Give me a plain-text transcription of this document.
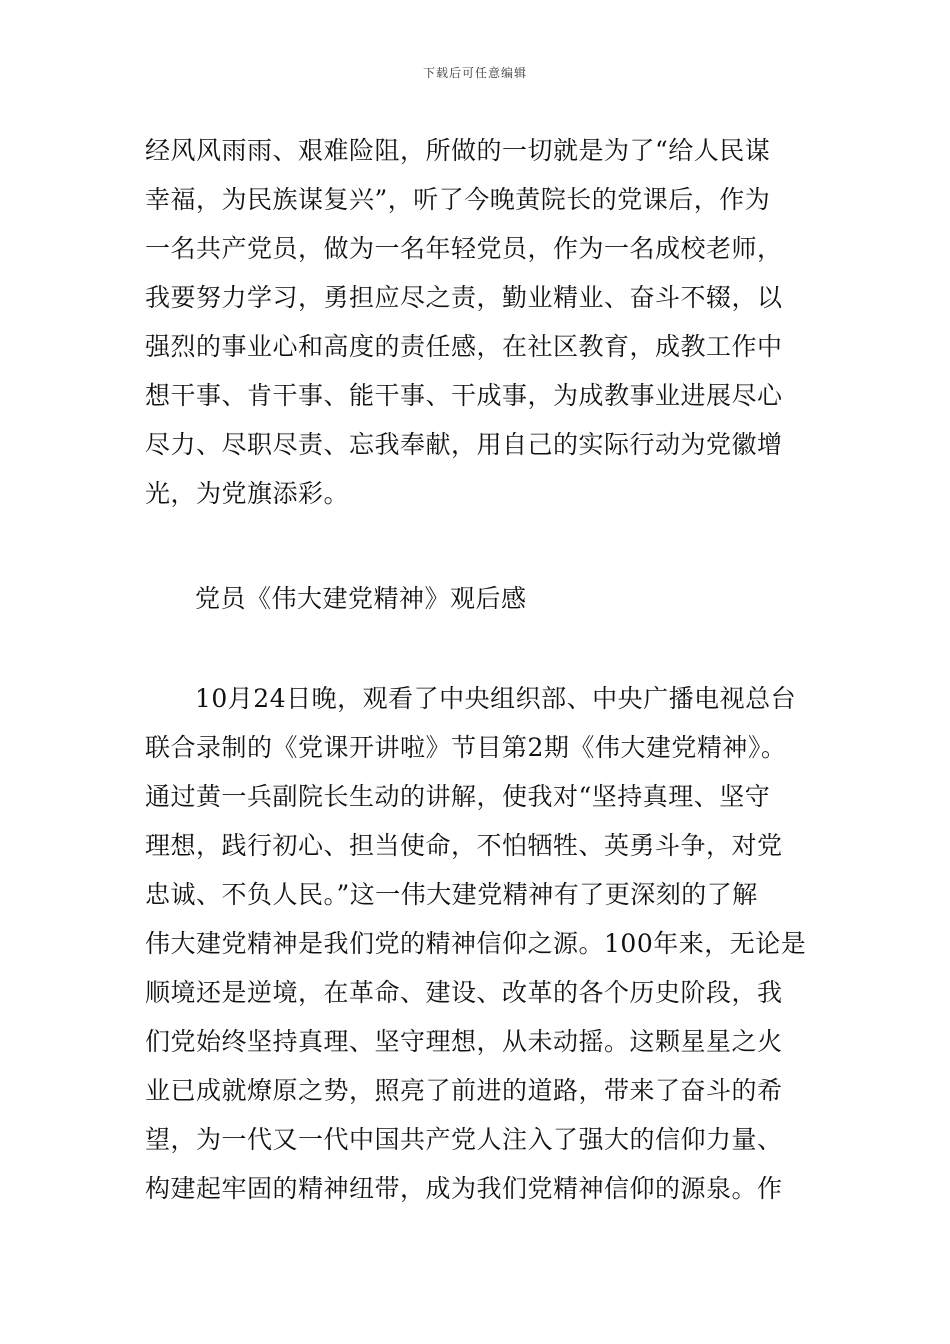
下载后可任意编辑
经风风雨雨、艰难险阻，所做的一切就是为了“给人民谋
幸福，为民族谋复兴”，听了今晚黄院长的党课后，作为
一名共产党员，做为一名年轻党员，作为一名成校老师，
我要努力学习，勇担应尽之责，勤业精业、奋斗不辍，以
强烈的事业心和高度的责任感，在社区教育，成教工作中
想干事、肯干事、能干事、干成事，为成教事业进展尽心
尽力、尽职尽责、忘我奉献，用自己的实际行动为党徽增
光，为党旗添彩。
党员《伟大建党精神》观后感
10月24日晚，观看了中央组织部、中央广播电视总台
联合录制的《党课开讲啦》节目第2期《伟大建党精神》。
通过黄一兵副院长生动的讲解，使我对“坚持真理、坚守
理想，践行初心、担当使命，不怕牺牲、英勇斗争，对党
忠诚、不负人民。”这一伟大建党精神有了更深刻的了解
伟大建党精神是我们党的精神信仰之源。100年来，无论是
顺境还是逆境，在革命、建设、改革的各个历史阶段，我
们党始终坚持真理、坚守理想，从未动摇。这颗星星之火
业已成就燎原之势，照亮了前进的道路，带来了奋斗的希
望，为一代又一代中国共产党人注入了强大的信仰力量、
构建起牢固的精神纽带，成为我们党精神信仰的源泉。作
